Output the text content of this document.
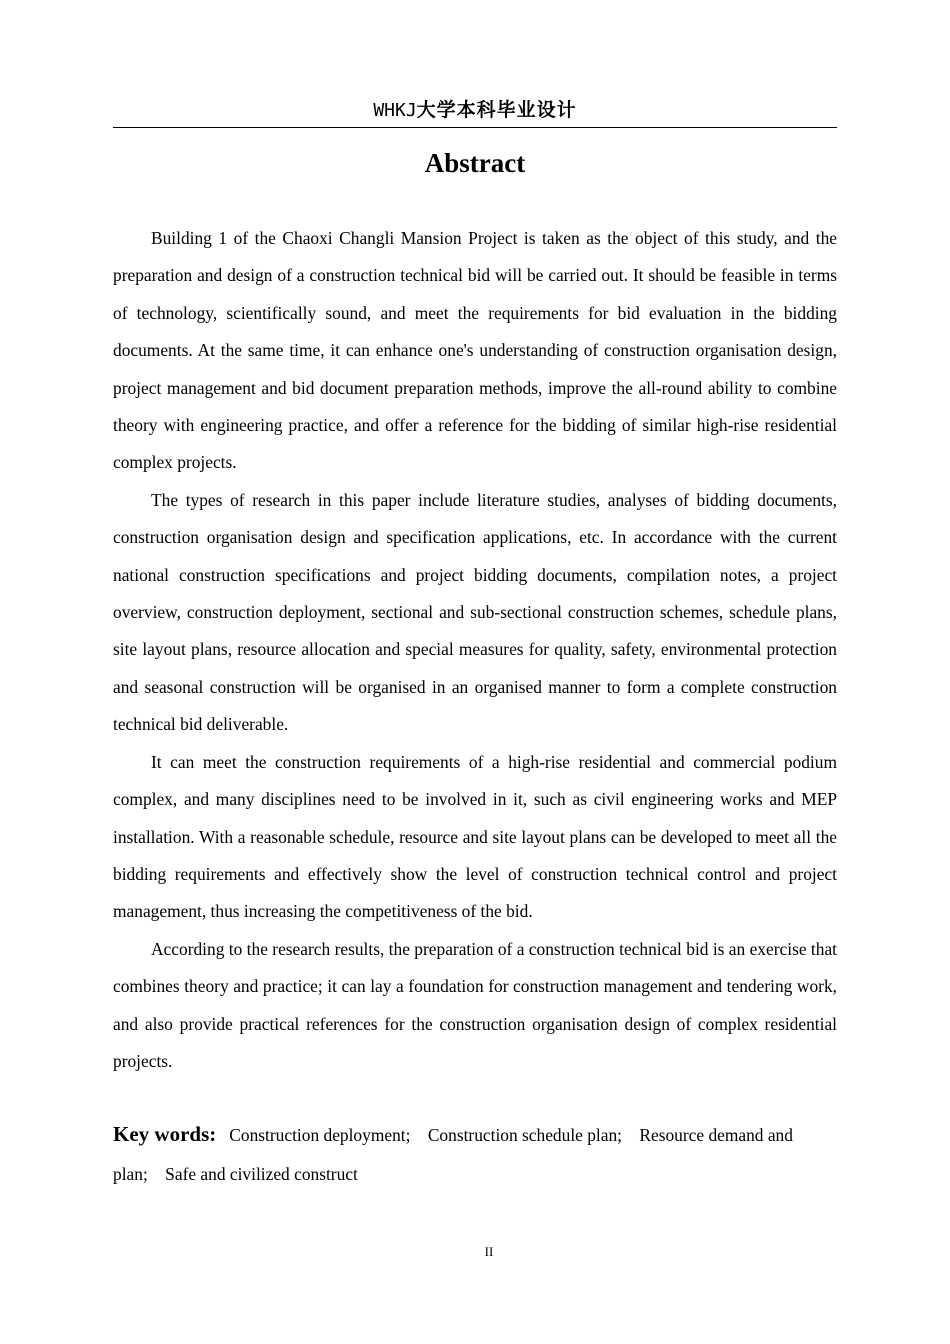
WHKJ大学本科毕业设计
Abstract

Building 1 of the Chaoxi Changli Mansion Project is taken as the object of this study, and the preparation and design of a construction technical bid will be carried out. It should be feasible in terms of technology, scientifically sound, and meet the requirements for bid evaluation in the bidding documents. At the same time, it can enhance one's understanding of construction organisation design, project management and bid document preparation methods, improve the all-round ability to combine theory with engineering practice, and offer a reference for the bidding of similar high-rise residential complex projects.

The types of research in this paper include literature studies, analyses of bidding documents, construction organisation design and specification applications, etc. In accordance with the current national construction specifications and project bidding documents, compilation notes, a project overview, construction deployment, sectional and sub-sectional construction schemes, schedule plans, site layout plans, resource allocation and special measures for quality, safety, environmental protection and seasonal construction will be organised in an organised manner to form a complete construction technical bid deliverable.

It can meet the construction requirements of a high-rise residential and commercial podium complex, and many disciplines need to be involved in it, such as civil engineering works and MEP installation. With a reasonable schedule, resource and site layout plans can be developed to meet all the bidding requirements and effectively show the level of construction technical control and project management, thus increasing the competitiveness of the bid.

According to the research results, the preparation of a construction technical bid is an exercise that combines theory and practice; it can lay a foundation for construction management and tendering work, and also provide practical references for the construction organisation design of complex residential projects.

Key words: Construction deployment; Construction schedule plan; Resource demand and plan; Safe and civilized construct
II
